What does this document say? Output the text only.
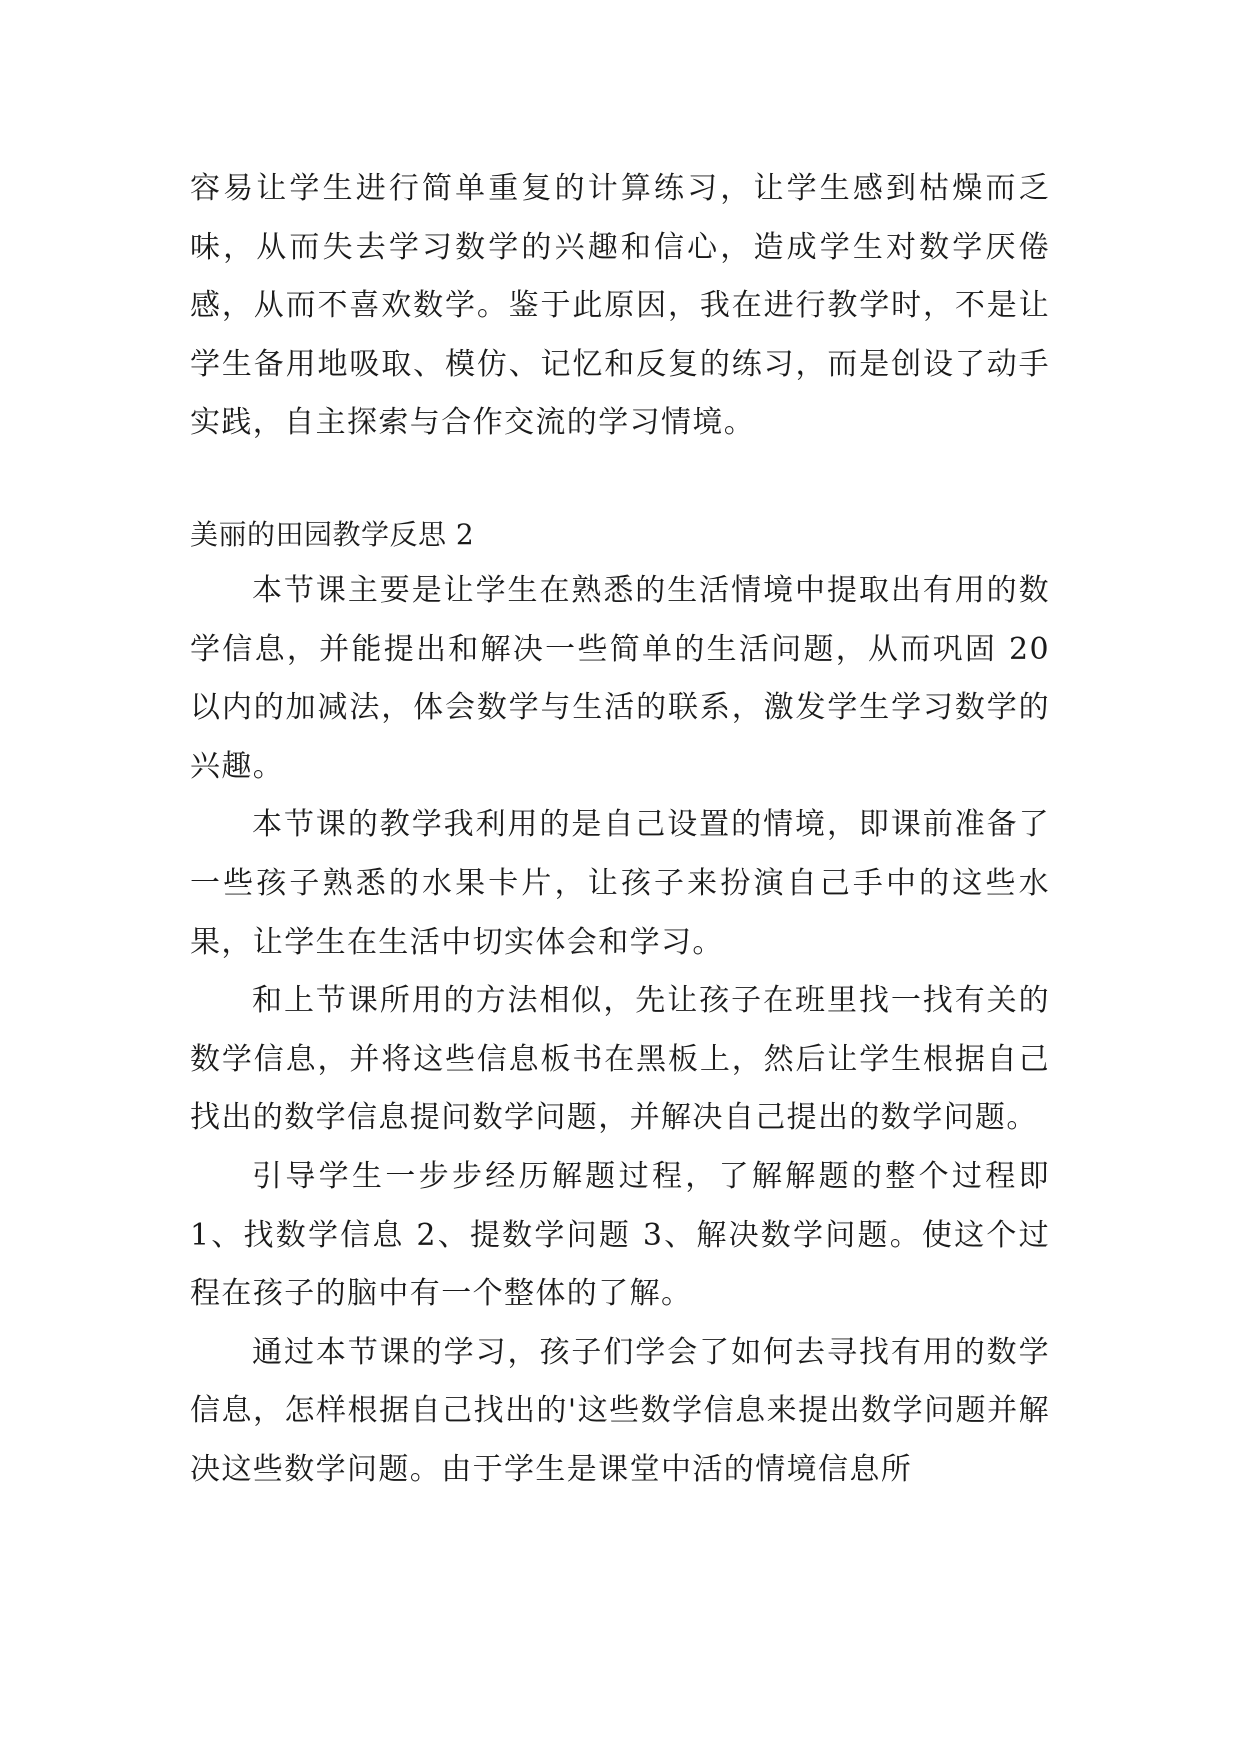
容易让学生进行简单重复的计算练习，让学生感到枯燥而乏味，从而失去学习数学的兴趣和信心，造成学生对数学厌倦感，从而不喜欢数学。鉴于此原因，我在进行教学时，不是让学生备用地吸取、模仿、记忆和反复的练习，而是创设了动手实践，自主探索与合作交流的学习情境。

美丽的田园教学反思 2

本节课主要是让学生在熟悉的生活情境中提取出有用的数学信息，并能提出和解决一些简单的生活问题，从而巩固 20 以内的加减法，体会数学与生活的联系，激发学生学习数学的兴趣。

本节课的教学我利用的是自己设置的情境，即课前准备了一些孩子熟悉的水果卡片，让孩子来扮演自己手中的这些水果，让学生在生活中切实体会和学习。

和上节课所用的方法相似，先让孩子在班里找一找有关的数学信息，并将这些信息板书在黑板上，然后让学生根据自己找出的数学信息提问数学问题，并解决自己提出的数学问题。

引导学生一步步经历解题过程，了解解题的整个过程即 1、找数学信息 2、提数学问题 3、解决数学问题。使这个过程在孩子的脑中有一个整体的了解。

通过本节课的学习，孩子们学会了如何去寻找有用的数学信息，怎样根据自己找出的'这些数学信息来提出数学问题并解决这些数学问题。由于学生是课堂中活的情境信息所
